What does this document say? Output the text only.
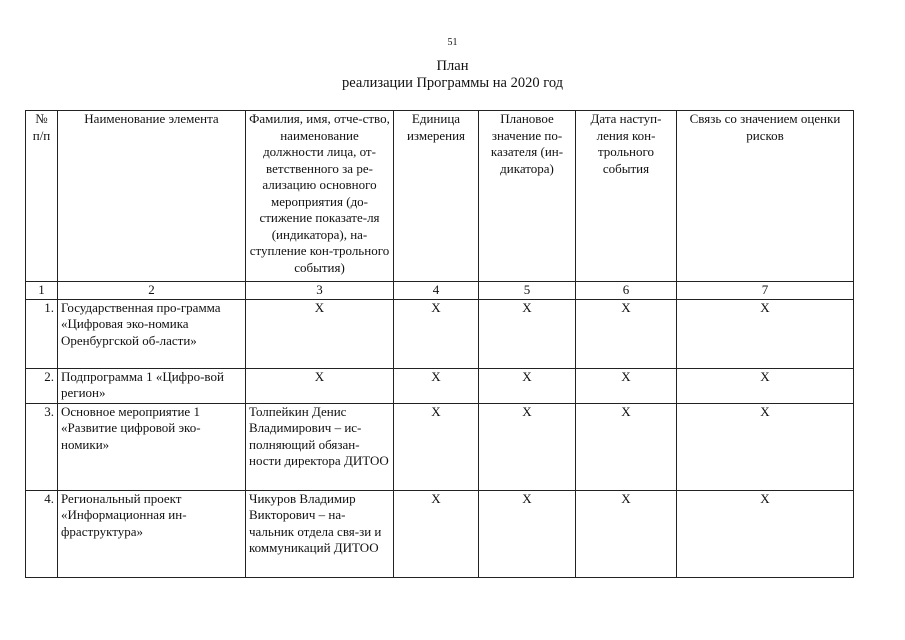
51
План
реализации Программы на 2020 год
№ п/п	Наименование элемента	Фамилия, имя, отче-ство, наименование должности лица, от-ветственного за ре-ализацию основного мероприятия (до-стижение показате-ля (индикатора), на-ступление кон-трольного события)	Единица измерения	Плановое значение по-казателя (ин-дикатора)	Дата наступ-ления кон-трольного события	Связь со значением оценки рисков
1	2	3	4	5	6	7
1.	Государственная про-грамма «Цифровая эко-номика Оренбургской об-ласти»	X	X	X	X	X
2.	Подпрограмма 1 «Цифро-вой регион»	X	X	X	X	X
3.	Основное мероприятие 1 «Развитие цифровой эко-номики»	Толпейкин Денис Владимирович – ис-полняющий обязан-ности директора ДИТОО	X	X	X	X
4.	Региональный проект «Информационная ин-фраструктура»	Чикуров Владимир Викторович – на-чальник отдела свя-зи и коммуникаций ДИТОО	X	X	X	X
